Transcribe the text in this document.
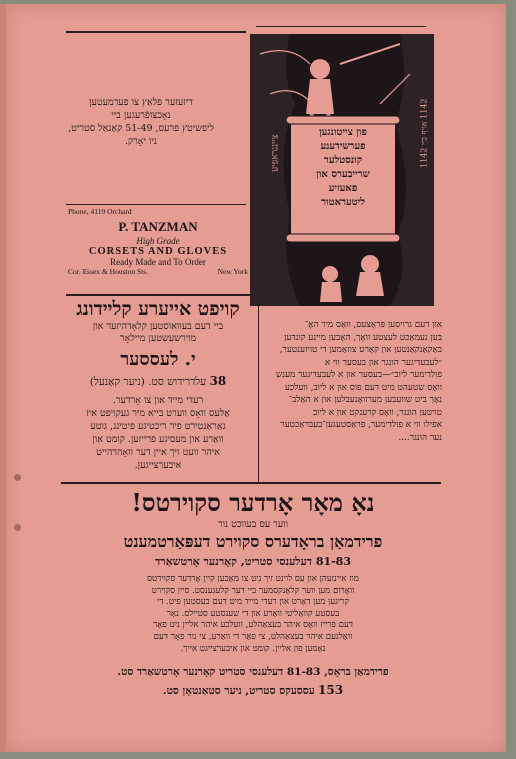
דיזעזער פּלאַץ צו פערמעטען
נאָכצופֿרעגען ביי
ליפשיטץ פרעס, 51-49 קאַנאַל סטריט,
ניו יאָרק.
פון צייטונגען
פערשידענע
קונסטלער
שרייבערס און
פאעזיע
ליטעראטור
ציינגראפיע	1142 אויף ביי 1142
Phone, 4119 Orchard
P. TANZMAN
High Grade
CORSETS AND GLOVES
Ready Made and To Order
Cor. Essex & Houston Sts.	New York
קויפט אייערע קלײדונג
ביי דעם בעוואוסטען קלאָדהיזער און
מוירשעשטען מיילאָר
י. לעססער
38 עלדרידוש סט. (ניער קאַנעל)
רעדי מייד און צו אָרדער.
אַלעס וואָס ווערט בייא מיר געקויפט איז
גאַראַנטירט פיר ריכטיגע פיטינג, גוטע
וואַרע און מעסיגע פרייזען. קומט און
איהר וועט זיך איין דער וואָהרהייט
איבערצייגען.
און דעם גרויסען פּראָצעס, וואָס מיר האָ־
בען נעמאַכט לעצטע וואָך, האָבען מיינע קונדען
באַקאַנקאַנטען און קאָרט צוזאַמען די טויזענטער,
״לעבעדיגער הונגר און בעסער ווי א
פולדימער ליוב״—בעסער און א לעבעדיגער מענש
וואָס שטעהט מיט דעם פוס און א ליוב, וועלכע
נאָך ביט שוועבען מערזואָנעבלען און א האַלב־
טויטען הונגר, וואָס קרענקט און א ליוב
אפילו ווי א פולדימער, פראַסטעגען־בעבּראַכטער
נער הונגר....
נאָ מאָר אָרדער סקוירטס!
ווער עס בעווכט נור
פרידמאַן בראָדערס סקוירט דעפּאַרטמענט
81-83 דעלענסי סטריט, קאָרנער אָרטשאַרד
מוז איינזעהן און עס לוינט זיך ניט צו מאַכען קיין אָרדער סקוירטס
וואָרום מען ווער קלאַנקסמער ביי דער קלעגענסט. סיין סקוירט
קריגען מען דאָרט און רעדי מייד מיט דעם בעסטען פיט. די
בעסטע קוואַליטי וואַרע און די שענסטע סטיילס. נאָר
דעם פרייז וואָס איהר בעצאַהלט, וועלכע איהר אליין ניט פאָר
וואַלגעם איהר בעצאַהלט, צי פאַר די וואַרע, צי נור פאָר דעם
נאָמען פון אליין. קומט און איבערצייגט אייך.
פרידמאַן בראָס, 81-83 דעלענסי סטריט קאָרנער אָרטשאַרד סט.
153 עססעקס סטריט, ניער סטאַנטאָן סט.
